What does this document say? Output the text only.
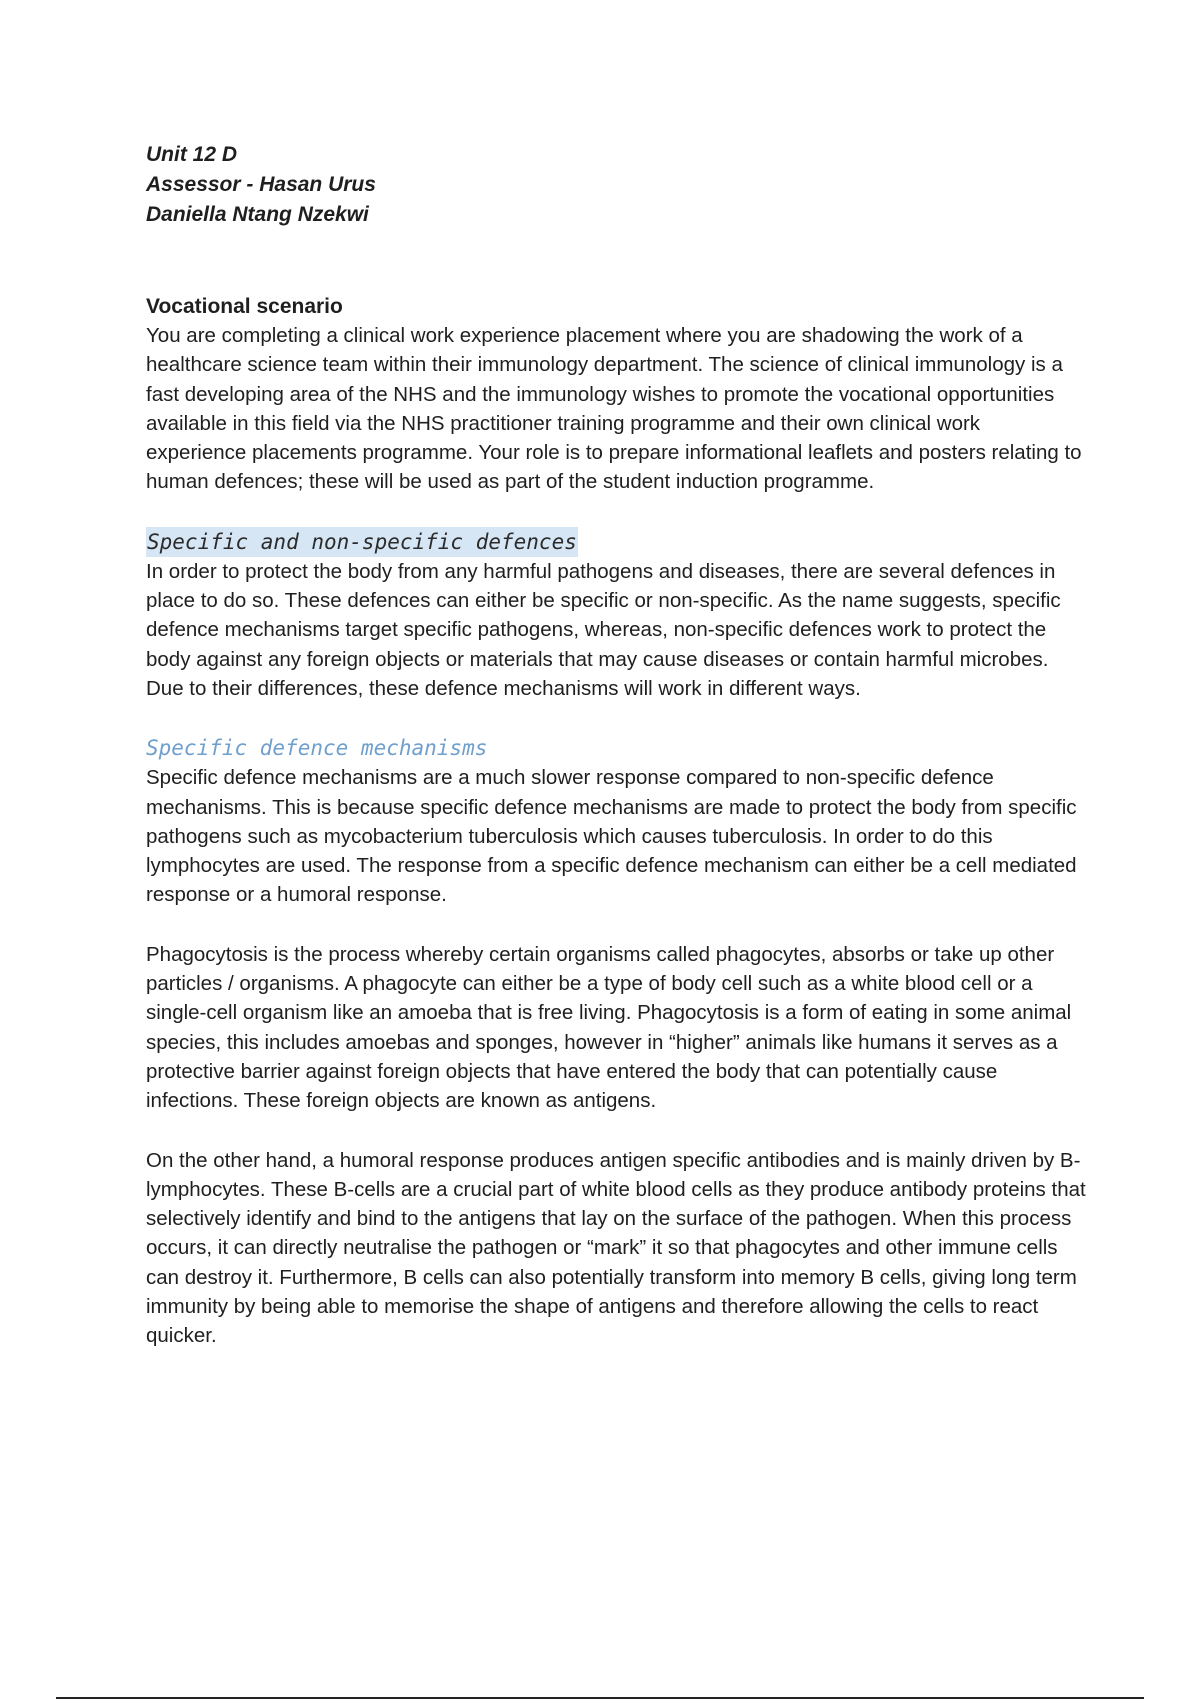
Unit 12 D
Assessor - Hasan Urus
Daniella Ntang Nzekwi
Vocational scenario

You are completing a clinical work experience placement where you are shadowing the work of a healthcare science team within their immunology department. The science of clinical immunology is a fast developing area of the NHS and the immunology wishes to promote the vocational opportunities available in this field via the NHS practitioner training programme and their own clinical work experience placements programme. Your role is to prepare informational leaflets and posters relating to human defences; these will be used as part of the student induction programme.

Specific and non-specific defences

In order to protect the body from any harmful pathogens and diseases, there are several defences in place to do so. These defences can either be specific or non-specific. As the name suggests, specific defence mechanisms target specific pathogens, whereas, non-specific defences work to protect the body against any foreign objects or materials that may cause diseases or contain harmful microbes. Due to their differences, these defence mechanisms will work in different ways.

Specific defence mechanisms

Specific defence mechanisms are a much slower response compared to non-specific defence mechanisms. This is because specific defence mechanisms are made to protect the body from specific pathogens such as mycobacterium tuberculosis which causes tuberculosis. In order to do this lymphocytes are used. The response from a specific defence mechanism can either be a cell mediated response or a humoral response.

Phagocytosis is the process whereby certain organisms called phagocytes, absorbs or take up other particles / organisms. A phagocyte can either be a type of body cell such as a white blood cell or a single-cell organism like an amoeba that is free living. Phagocytosis is a form of eating in some animal species, this includes amoebas and sponges, however in “higher” animals like humans it serves as a protective barrier against foreign objects that have entered the body that can potentially cause infections. These foreign objects are known as antigens.

On the other hand, a humoral response produces antigen specific antibodies and is mainly driven by B-lymphocytes. These B-cells are a crucial part of white blood cells as they produce antibody proteins that selectively identify and bind to the antigens that lay on the surface of the pathogen. When this process occurs, it can directly neutralise the pathogen or “mark” it so that phagocytes and other immune cells can destroy it. Furthermore, B cells can also potentially transform into memory B cells, giving long term immunity by being able to memorise the shape of antigens and therefore allowing the cells to react quicker.
